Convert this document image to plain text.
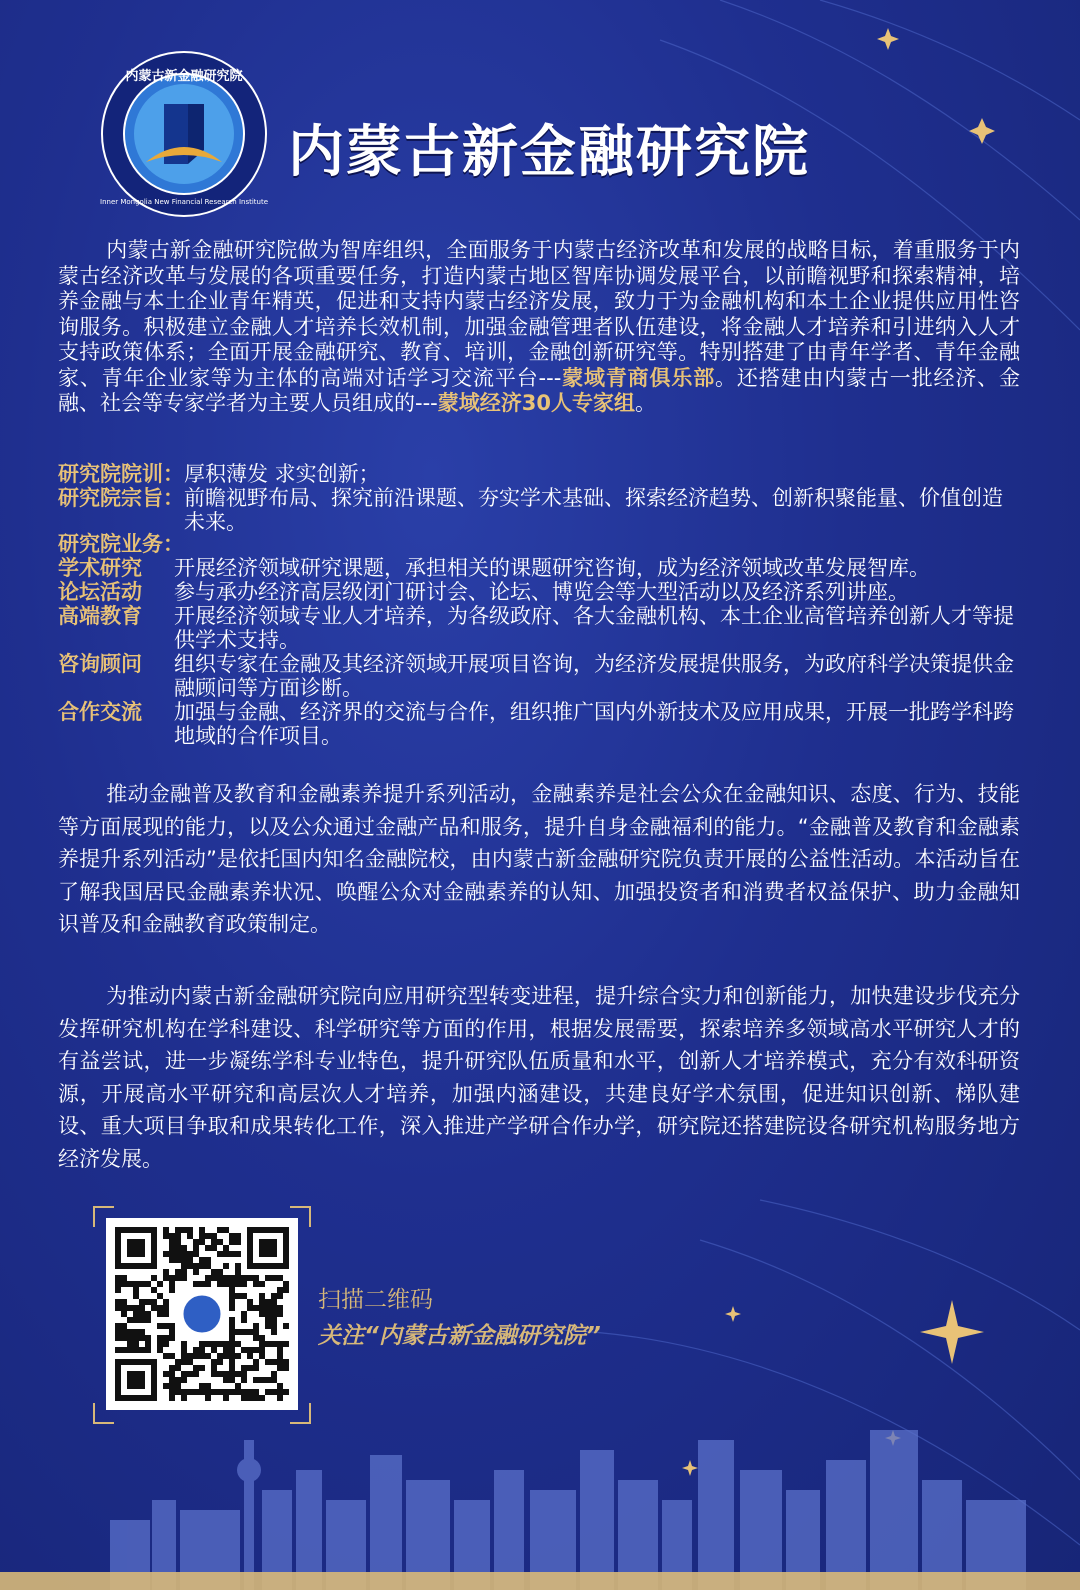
内蒙古新金融研究院
Inner Mongolia New Financial Research Institute
内蒙古新金融研究院

内蒙古新金融研究院做为智库组织，全面服务于内蒙古经济改革和发展的战略目标，着重服务于内蒙古经济改革与发展的各项重要任务，打造内蒙古地区智库协调发展平台，以前瞻视野和探索精神，培养金融与本土企业青年精英，促进和支持内蒙古经济发展，致力于为金融机构和本土企业提供应用性咨询服务。积极建立金融人才培养长效机制，加强金融管理者队伍建设，将金融人才培养和引进纳入人才支持政策体系；全面开展金融研究、教育、培训，金融创新研究等。特别搭建了由青年学者、青年金融家、青年企业家等为主体的高端对话学习交流平台---蒙域青商俱乐部。还搭建由内蒙古一批经济、金融、社会等专家学者为主要人员组成的---蒙域经济30人专家组。

研究院院训： 厚积薄发 求实创新；
研究院宗旨： 前瞻视野布局、探究前沿课题、夯实学术基础、探索经济趋势、创新积聚能量、价值创造未来。
研究院业务：
学术研究	开展经济领域研究课题，承担相关的课题研究咨询，成为经济领域改革发展智库。
论坛活动	参与承办经济高层级闭门研讨会、论坛、博览会等大型活动以及经济系列讲座。
高端教育	开展经济领域专业人才培养，为各级政府、各大金融机构、本土企业高管培养创新人才等提供学术支持。
咨询顾问	组织专家在金融及其经济领域开展项目咨询，为经济发展提供服务，为政府科学决策提供金融顾问等方面诊断。
合作交流	加强与金融、经济界的交流与合作，组织推广国内外新技术及应用成果，开展一批跨学科跨地域的合作项目。

推动金融普及教育和金融素养提升系列活动，金融素养是社会公众在金融知识、态度、行为、技能等方面展现的能力，以及公众通过金融产品和服务，提升自身金融福利的能力。“金融普及教育和金融素养提升系列活动”是依托国内知名金融院校，由内蒙古新金融研究院负责开展的公益性活动。本活动旨在了解我国居民金融素养状况、唤醒公众对金融素养的认知、加强投资者和消费者权益保护、助力金融知识普及和金融教育政策制定。

为推动内蒙古新金融研究院向应用研究型转变进程，提升综合实力和创新能力，加快建设步伐充分发挥研究机构在学科建设、科学研究等方面的作用，根据发展需要，探索培养多领域高水平研究人才的有益尝试，进一步凝练学科专业特色，提升研究队伍质量和水平，创新人才培养模式，充分有效科研资源，开展高水平研究和高层次人才培养，加强内涵建设，共建良好学术氛围，促进知识创新、梯队建设、重大项目争取和成果转化工作，深入推进产学研合作办学，研究院还搭建院设各研究机构服务地方经济发展。

扫描二维码
关注“内蒙古新金融研究院”
